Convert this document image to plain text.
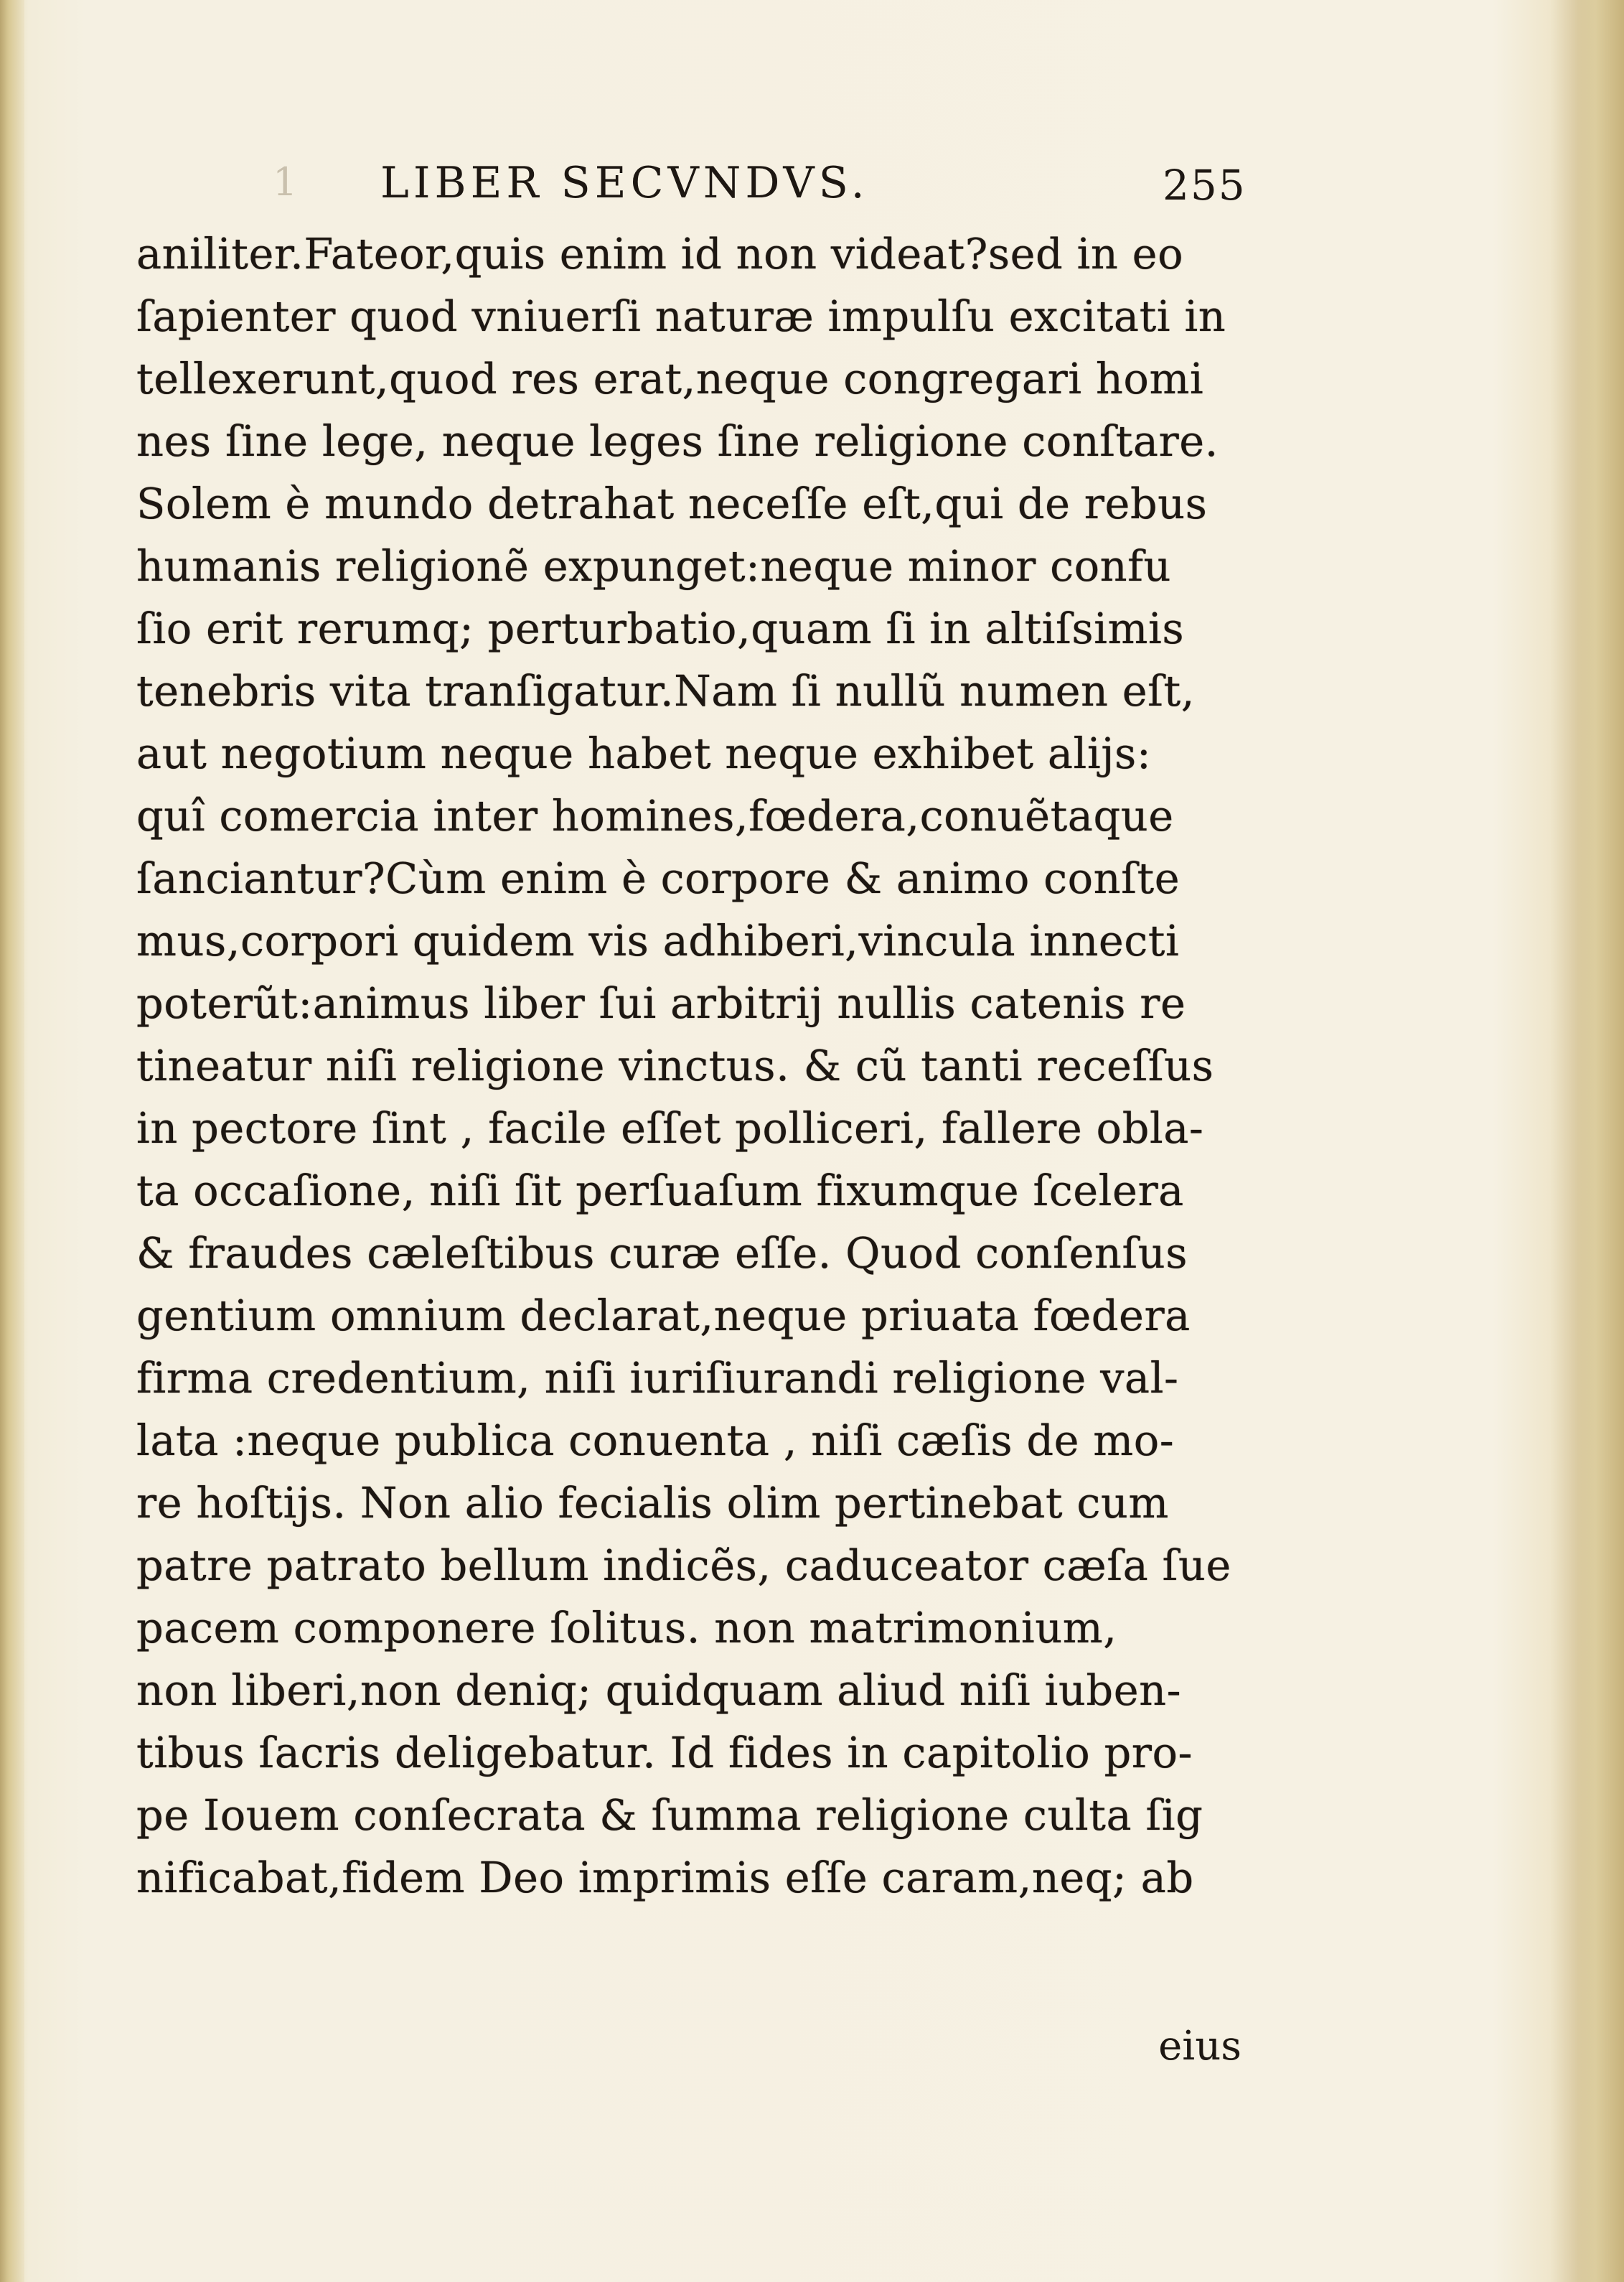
1 LIBER SECVNDVS.	255
aniliter.Fateor,quis enim id non videat?sed in eo
ſapienter quod vniuerſi naturæ impulſu excitati in
tellexerunt,quod res erat,neque congregari homi
nes ſine lege, neque leges ſine religione conſtare.
Solem è mundo detrahat neceſſe eſt,qui de rebus
humanis religionẽ expunget:neque minor confu
ſio erit rerumq; perturbatio,quam ſi in altiſsimis
tenebris vita tranſigatur.Nam ſi nullũ numen eſt,
aut negotium neque habet neque exhibet alijs:
quî comercia inter homines,fœdera,conuẽtaque
ſanciantur?Cùm enim è corpore & animo conſte
mus,corpori quidem vis adhiberi,vincula innecti
poterũt:animus liber ſui arbitrij nullis catenis re
tineatur niſi religione vinctus. & cũ tanti receſſus
in pectore ſint , facile eſſet polliceri, fallere obla-
ta occaſione, niſi ſit perſuaſum fixumque ſcelera
& fraudes cæleſtibus curæ eſſe. Quod conſenſus
gentium omnium declarat,neque priuata fœdera
firma credentium, niſi iuriſiurandi religione val-
lata :neque publica conuenta , niſi cæſis de mo-
re hoſtijs. Non alio fecialis olim pertinebat cum
patre patrato bellum indicẽs, caduceator cæſa ſue
pacem componere ſolitus. non matrimonium,
non liberi,non deniq; quidquam aliud niſi iuben-
tibus ſacris deligebatur. Id fides in capitolio pro-
pe Iouem conſecrata & ſumma religione culta ſig
nificabat,fidem Deo imprimis eſſe caram,neq; ab
eius
